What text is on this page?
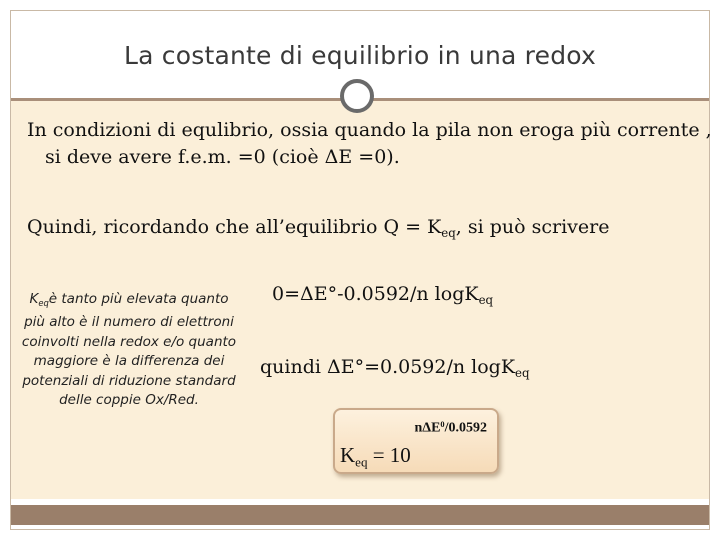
La costante di equilibrio in una redox
In condizioni di equlibrio, ossia quando la pila non eroga più corrente , si deve avere f.e.m. =0 (cioè ΔE =0).
Quindi, ricordando che all’equilibrio $Q = K_{eq}$, si può scrivere
$K_{eq}è$ tanto più elevata quanto più alto è il numero di elettroni coinvolti nella redox e/o quanto maggiore è la differenza dei potenziali di riduzione standard delle coppie Ox/Red.
0=ΔE°-0.0592/n logK$_{eq}$
quindi ΔE°=0.0592/n logK$_{eq}$
nΔE$^0$/0.0592
$K_{eq} = 10$
